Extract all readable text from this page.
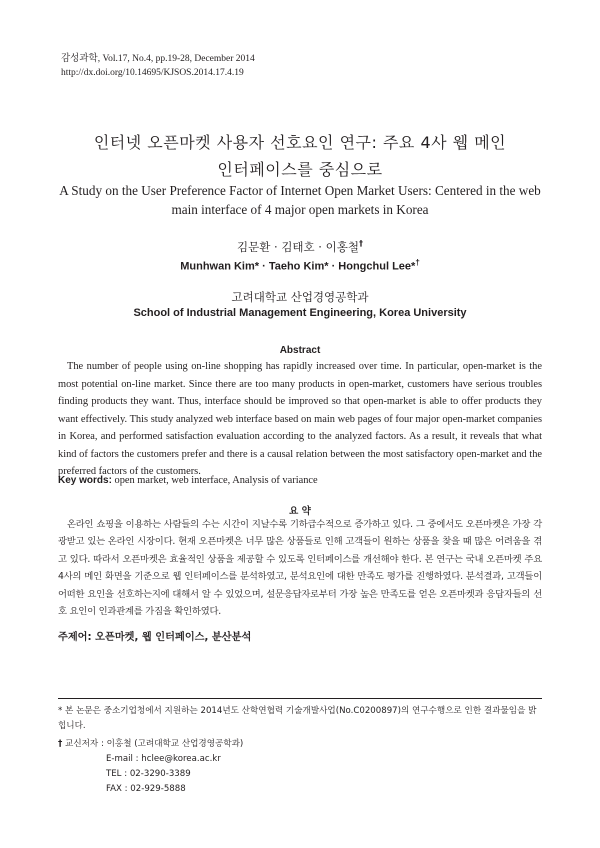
감성과학, Vol.17, No.4, pp.19-28, December 2014
http://dx.doi.org/10.14695/KJSOS.2014.17.4.19
인터넷 오픈마켓 사용자 선호요인 연구: 주요 4사 웹 메인
인터페이스를 중심으로
A Study on the User Preference Factor of Internet Open Market Users: Centered in the web
main interface of 4 major open markets in Korea
김문환 · 김태호 · 이홍철†
Munhwan Kim* · Taeho Kim* · Hongchul Lee*†
고려대학교 산업경영공학과
School of Industrial Management Engineering, Korea University
Abstract
The number of people using on-line shopping has rapidly increased over time. In particular, open-market is the most potential on-line market. Since there are too many products in open-market, customers have serious troubles finding products they want. Thus, interface should be improved so that open-market is able to offer products they want effectively. This study analyzed web interface based on main web pages of four major open-market companies in Korea, and performed satisfaction evaluation according to the analyzed factors. As a result, it reveals that what kind of factors the customers prefer and there is a causal relation between the most satisfactory open-market and the preferred factors of the customers.
Key words: open market, web interface, Analysis of variance
요 약
온라인 쇼핑을 이용하는 사람들의 수는 시간이 지날수록 기하급수적으로 증가하고 있다. 그 중에서도 오픈마켓은 가장 각광받고 있는 온라인 시장이다. 현재 오픈마켓은 너무 많은 상품들로 인해 고객들이 원하는 상품을 찾을 때 많은 어려움을 겪고 있다. 따라서 오픈마켓은 효율적인 상품을 제공할 수 있도록 인터페이스를 개선해야 한다. 본 연구는 국내 오픈마켓 주요 4사의 메인 화면을 기준으로 웹 인터페이스를 분석하였고, 분석요인에 대한 만족도 평가를 진행하였다. 분석결과, 고객들이 어떠한 요인을 선호하는지에 대해서 알 수 있었으며, 설문응답자로부터 가장 높은 만족도를 얻은 오픈마켓과 응답자들의 선호 요인이 인과관계를 가짐을 확인하였다.
주제어: 오픈마켓, 웹 인터페이스, 분산분석
* 본 논문은 중소기업청에서 지원하는 2014년도 산학연협력 기술개발사업(No.C0200897)의 연구수행으로 인한 결과물임을 밝힙니다.
† 교신저자 : 이홍철 (고려대학교 산업경영공학과)
E-mail : hclee@korea.ac.kr
TEL : 02-3290-3389
FAX : 02-929-5888
